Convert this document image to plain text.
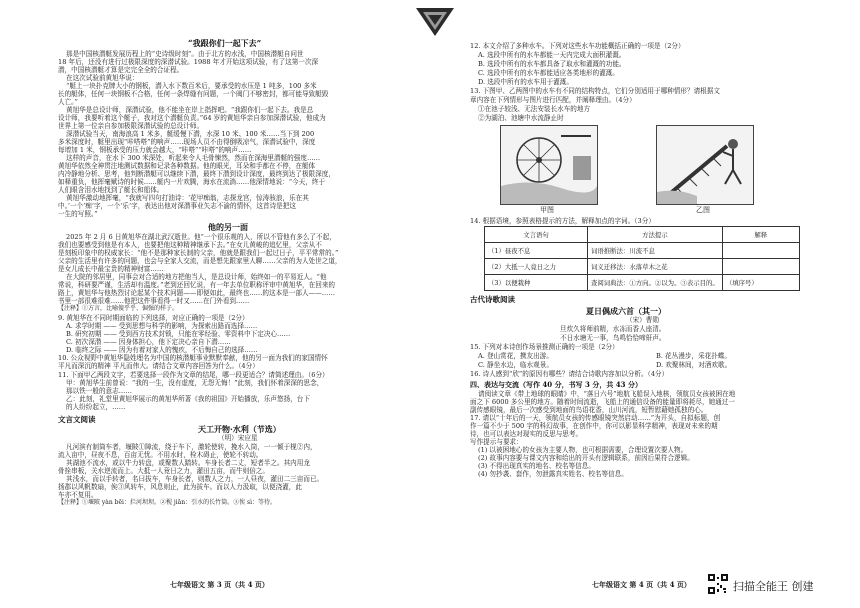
“我跟你们一起下去”
那是中国核潜艇发展历程上的“史诗级时刻”。由于北方的水浅，中国核潜艇自问世
18 年后，还没有进行过极限深度的深潜试验。1988 年才开始这项试验，有了这第一次深
潜，中国核潜艇才算是完完全全的合证程。
在这次试验前黄旭华说：
“艇上一块扑克牌大小的钢板，潜入水下数百米后，要承受的水压是 1 吨多，100 多米
长的艇体，任何一块钢板不合格，任何一条焊缝有问题，一个阀门不够密封，都可能导致艇毁
人亡。”
黄旭华是总设计师，深潜试验，他不能坐在岸上指挥吧。“我跟你们一起下去。我是总
设计师，我要听着这个艇子，我对这个潜艇负责。”64 岁的黄旭华亲自参加深潜试验，他成为
世界上第一位亲自参加极限深潜试验的总设计师。
深潜试验当天，南海浪高 1 米多，艇缓慢下潜，水深 10 米、100 米……当下到 200
多米深度时，艇里出现“咔嗒嗒”的响声……现场人员不由得倒吸凉气，深潜试验中，深度
每增加 1 米，钢板承受的压力就会越大，“咔嗒”“咔嗒”的响声……
这样的声音，在水下 300 米深处，听起来令人毛骨悚然，然而在深海里潜艇的强度……
黄旭华依然全神贯注地测试数据和记录各种数据。他的眼光，耳朵和手都在不停，在艇体
内冷静地分析、思考，他判断潜艇可以继续下潜，最终下潜到设计深度，最终到达了极限深度，
如释重负，他挥毫赋诗的时候……艇内一片欢腾，海水在流淌……他深情地说：“今天，终于
人们眼含泪水地找到了艇长和船体。
黄旭华激动地挥毫，“我就写四句打油诗：‘花甲痴翁，志探龙宫，惊涛骇浪，乐在其
中。’一个‘痴’字，一个‘乐’字，表达出他对深潜事业矢志不渝的情怀，这首诗是把这
一生的写照。”
他的另一面
2025 年 2 月 6 日黄旭华在湖北武汉逝世。他“一个很乐观的人，所以不管他有多么了不起，
我们也要感受到他是有本人，也要把他这种精神继承下去。”在女儿黄峻的追忆里，父亲从不
是刻板印象中的权威家长：“他不是那种家长制的父亲，他就是跟我们一起过日子，平平常常的。”
父亲的生活里有许多的问题，也会与全家人交流，而是想先跟家里人聊……父亲的为人处世之道，
是女儿成长中最宝贵的精神财富……
在大院的邻居里，同事会对合适的地方把他当人，是总设计师，始终如一的平易近人。“他
常说，科研要严谨，生活却有温度。”老到还回忆说，有一年去单位职称评审中黄旭华，在回来的
路上，黄旭华与他热烈讨论起某个技术问题——即便如此，最终也……的这本是一部人——……
书里一部很难很难……他把这件事看得一时又……在门外看到……
【注释】①方言，比喻傻乎乎、倔强的样子。
9. 黄旭华在不同时期面临的下列选择，对应正确的一项是（2分）
A. 求学时期 —— 受到思想与科学的影响，为探索出路而选择……
B. 研究初期 —— 受到西方技术封锁，只能在零经验、零资料中下定决心……
C. 初次深潜 —— 因身体担心，他下定决心亲自下潜……
D. 临终之际 —— 因为有着对家人的愧疚，不后悔自己的选择……
10. 公众视野中黄旭华隐姓埋名为中国的核潜艇事业默默奉献，他的另一面为我们的家国情怀
平凡而深沉的精神 平凡而伟大。请结合文章内容回答为什么。（4分）
11. 下面甲乙两段文字，若要选择一段作为文章的结尾，哪一段更适合？请简述理由。（6分）
甲：黄旭华生前曾说：“我的一生，没有虚度，无怨无悔！”此刻，我们怀着深深的思念，
那以铁一般的意志……
乙：此刻，礼堂里黄旭华展示的黄旭华所著《我的祖国》开始播放，乐声悠扬，台下
的人纷纷起立，……
文言文阅读
天工开物·水利（节选）
（明）宋应星
凡河滨有制筒车者，堰陂①障流，绕于车下，激轮使转，挽水入筒，一一倾于枧②内，
流入亩中，昼夜不息，百亩无忧。不用水时，栓木碍止，使轮不转动。
其湖池不流水，或以牛力转盘，或聚数人踏转。车身长者二丈，短者半之。其内用龙
骨拴串板，关水逆流而上。大抵一人竟日之力，灌田五亩，而牛则倍之。
其浅水，而以手转者，名曰拔车，车身长者，则数人之力，一人昼夜，灌田二三亩而已。
扬郡以风帆数扇，俟③风转车，风息则止，此为拔车。而以人力汲取，以便浇灌，此
车亦不复用。
【注释】①堰陂 yàn bēi：拦河坝坝。②枧 jiǎn：引水的长竹筒。③俟 sì：等待。
12. 本文介绍了多种水车。下列对这些水车功能概括正确的一项是（2分）
A. 选段中所有的水车都能一天内完成大面积灌溉。
B. 选段中所有的水车都具备了取水和灌溉的功能。
C. 选段中所有的水车都能适应各类地形的灌溉。
D. 选段中所有的水车用于灌溉。
13. 下图甲、乙两图中的水车有不同的结构特点，它们分别适用于哪种情形？请根据文
章内容在下列情形与图片进行匹配，并阐释理由。（4分）
①在池子较浅、无法安装长水车的地方
②为湖泊、池塘中水流静止时
甲图	乙图
14. 根据语境，参照表格提示的方法，解释加点的字词。（3分）
文言语句	方法提示	解释
（1）昼夜不息	词语推断法：川流不息	
（2）大抵一人竟日之力	词义迁移法：水落草木之花	
（3）以便栽种	查阅词典法：①方向。②以为。③表示目的。	（填序号）
古代诗歌阅读
夏日偶成六首（其一）
（宋）曹勋
旦炊久将师前精，水冻而香人座清。
不日水塘无一事，鸟鸣恰恰啼鼾声。
15. 下列对本诗创作场景推测正确的一项是（2分）
A. 登山赏花，携友出游。	B. 花丛漫步，采花扑蝶。
C. 静坐水边，临水观景。	D. 欢聚林间，对酒欢歌。
16. 诗人感到“欣”的原因有哪些？请结合诗歌内容加以分析。（4分）
四、表达与交流（写作 40 分，书写 3 分，共 43 分）
请阅读文章《带上地球的眼睛》中，“落日六号”地航飞船误入地核，领航员女孩被困在地
面之下 6000 多公里的地方。随着时间流逝，飞船上的通信设备的能量即将耗尽，她通过一
副传感眼镜，最后一次感受到地面的鸟语花香，山川河流，短暂慰藉她孤独的心。
17. 请以“十年后的一天，领航员女孩的传感眼镜突然启动……”为开头，自拟标题，创
作一篇不少于 500 字的科幻故事，在创作中，你可以影显科学精神，表现对未来的期
待，也可以表达对现实的反思与思考。
写作提示与要求：
(1) 以被困地心的女孩为主要人物，也可根据需要，合理设置次要人物。
(2) 故事内容要与课文内容和给出的开头有逻辑联系，前因后果符合逻辑。
(3) 不得出现真实的地名、校名等信息。
(4) 勿抄袭、套作，勿泄露真实姓名、校名等信息。
七年级语文 第 3 页（共 4 页）	七年级语文 第 4 页（共 4 页）	扫描全能王 创建
